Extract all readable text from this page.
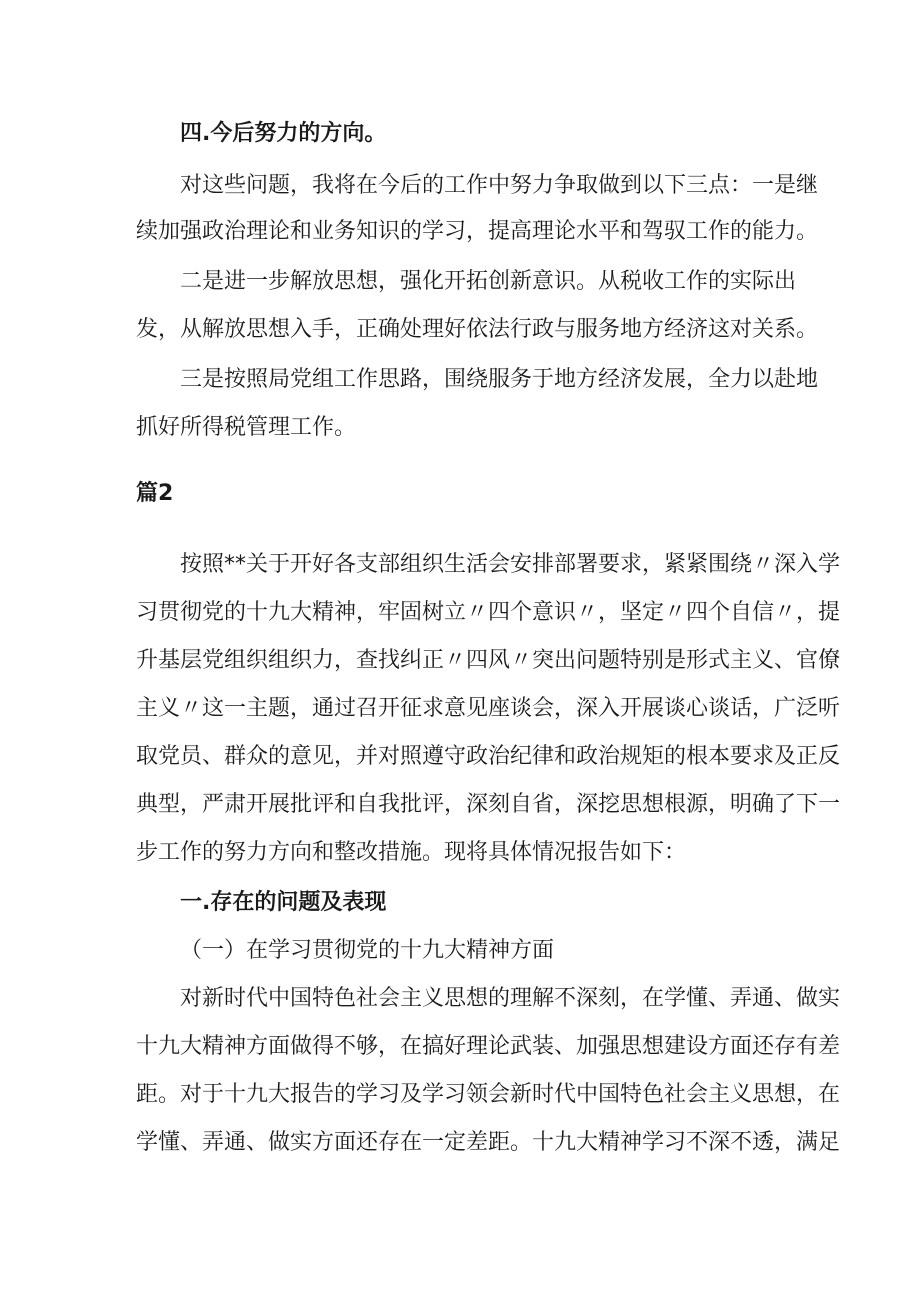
四.今后努力的方向。
对这些问题，我将在今后的工作中努力争取做到以下三点：一是继
续加强政治理论和业务知识的学习，提高理论水平和驾驭工作的能力。
二是进一步解放思想，强化开拓创新意识。从税收工作的实际出
发，从解放思想入手，正确处理好依法行政与服务地方经济这对关系。
三是按照局党组工作思路，围绕服务于地方经济发展，全力以赴地
抓好所得税管理工作。
篇2
按照**关于开好各支部组织生活会安排部署要求，紧紧围绕〃深入学
习贯彻党的十九大精神，牢固树立〃四个意识〃，坚定〃四个自信〃，提
升基层党组织组织力，查找纠正〃四风〃突出问题特别是形式主义、官僚
主义〃这一主题，通过召开征求意见座谈会，深入开展谈心谈话，广泛听
取党员、群众的意见，并对照遵守政治纪律和政治规矩的根本要求及正反
典型，严肃开展批评和自我批评，深刻自省，深挖思想根源，明确了下一
步工作的努力方向和整改措施。现将具体情况报告如下：
一.存在的问题及表现
（一）在学习贯彻党的十九大精神方面
对新时代中国特色社会主义思想的理解不深刻，在学懂、弄通、做实
十九大精神方面做得不够，在搞好理论武装、加强思想建设方面还存有差
距。对于十九大报告的学习及学习领会新时代中国特色社会主义思想，在
学懂、弄通、做实方面还存在一定差距。十九大精神学习不深不透，满足
